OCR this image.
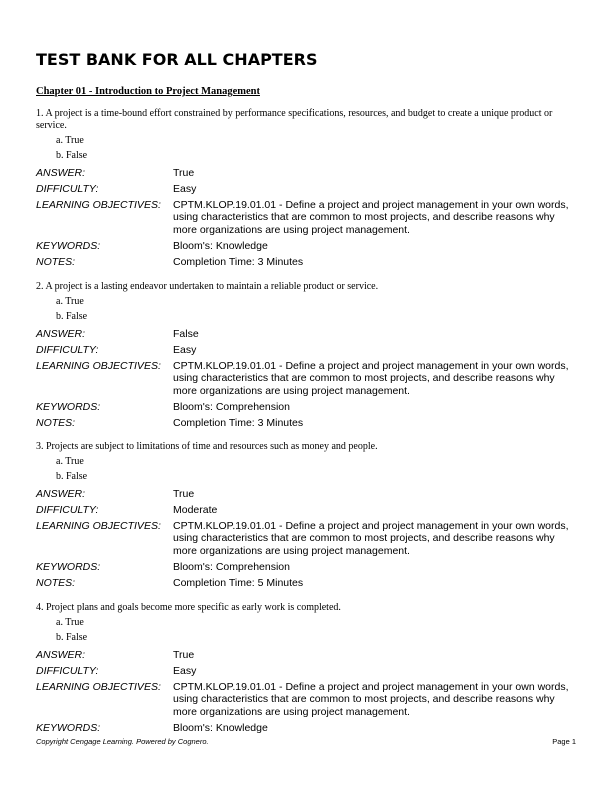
TEST BANK FOR ALL CHAPTERS
Chapter 01 - Introduction to Project Management
1. A project is a time-bound effort constrained by performance specifications, resources, and budget to create a unique product or service.
a. True
b. False
ANSWER:	True
DIFFICULTY:	Easy
LEARNING OBJECTIVES:	CPTM.KLOP.19.01.01 - Define a project and project management in your own words, using characteristics that are common to most projects, and describe reasons why more organizations are using project management.
KEYWORDS:	Bloom's: Knowledge
NOTES:	Completion Time: 3 Minutes
2. A project is a lasting endeavor undertaken to maintain a reliable product or service.
a. True
b. False
ANSWER:	False
DIFFICULTY:	Easy
LEARNING OBJECTIVES:	CPTM.KLOP.19.01.01 - Define a project and project management in your own words, using characteristics that are common to most projects, and describe reasons why more organizations are using project management.
KEYWORDS:	Bloom's: Comprehension
NOTES:	Completion Time: 3 Minutes
3. Projects are subject to limitations of time and resources such as money and people.
a. True
b. False
ANSWER:	True
DIFFICULTY:	Moderate
LEARNING OBJECTIVES:	CPTM.KLOP.19.01.01 - Define a project and project management in your own words, using characteristics that are common to most projects, and describe reasons why more organizations are using project management.
KEYWORDS:	Bloom's: Comprehension
NOTES:	Completion Time: 5 Minutes
4. Project plans and goals become more specific as early work is completed.
a. True
b. False
ANSWER:	True
DIFFICULTY:	Easy
LEARNING OBJECTIVES:	CPTM.KLOP.19.01.01 - Define a project and project management in your own words, using characteristics that are common to most projects, and describe reasons why more organizations are using project management.
KEYWORDS:	Bloom's: Knowledge
Copyright Cengage Learning. Powered by Cognero.	Page 1
